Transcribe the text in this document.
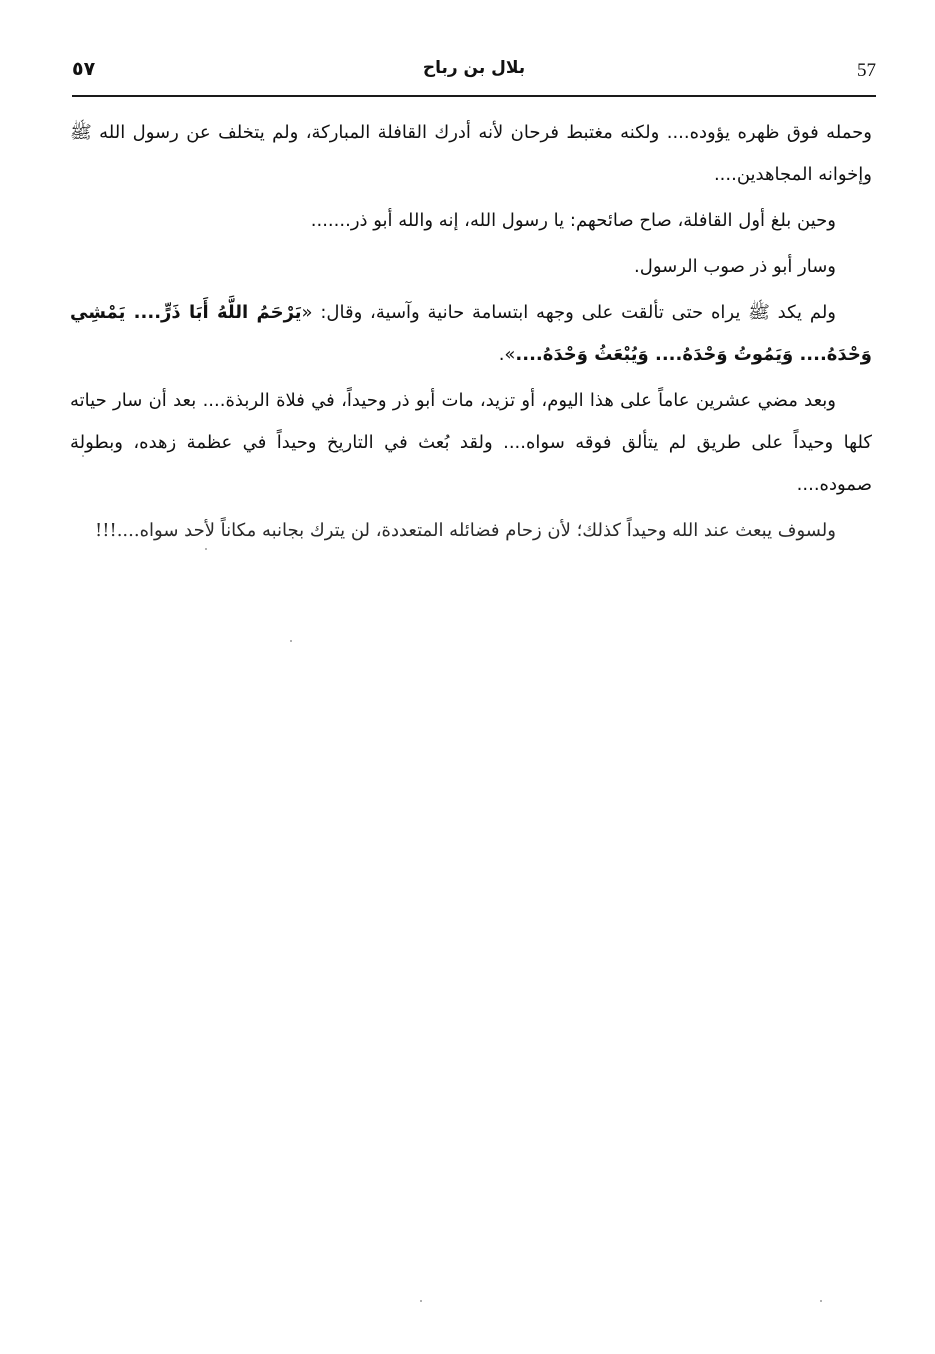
٥٧	بلال بن رباح	57

وحمله فوق ظهره يؤوده.... ولكنه مغتبط فرحان لأنه أدرك القافلة المباركة، ولم يتخلف عن رسول الله ﷺ وإخوانه المجاهدين....

وحين بلغ أول القافلة، صاح صائحهم: يا رسول الله، إنه والله أبو ذر.......

وسار أبو ذر صوب الرسول.

ولم يكد ﷺ يراه حتى تألقت على وجهه ابتسامة حانية وآسية، وقال: «يَرْحَمُ اللَّهُ أَبَا ذَرٍّ.... يَمْشِي وَحْدَهُ.... وَيَمُوتُ وَحْدَهُ.... وَيُبْعَثُ وَحْدَهُ....».

وبعد مضي عشرين عاماً على هذا اليوم، أو تزيد، مات أبو ذر وحيداً، في فلاة الربذة.... بعد أن سار حياته كلها وحيداً على طريق لم يتألق فوقه سواه.... ولقد بُعث في التاريخ وحيداً في عظمة زهده، وبطولة صموده....

ولسوف يبعث عند الله وحيداً كذلك؛ لأن زحام فضائله المتعددة، لن يترك بجانبه مكاناً لأحد سواه....!!!
